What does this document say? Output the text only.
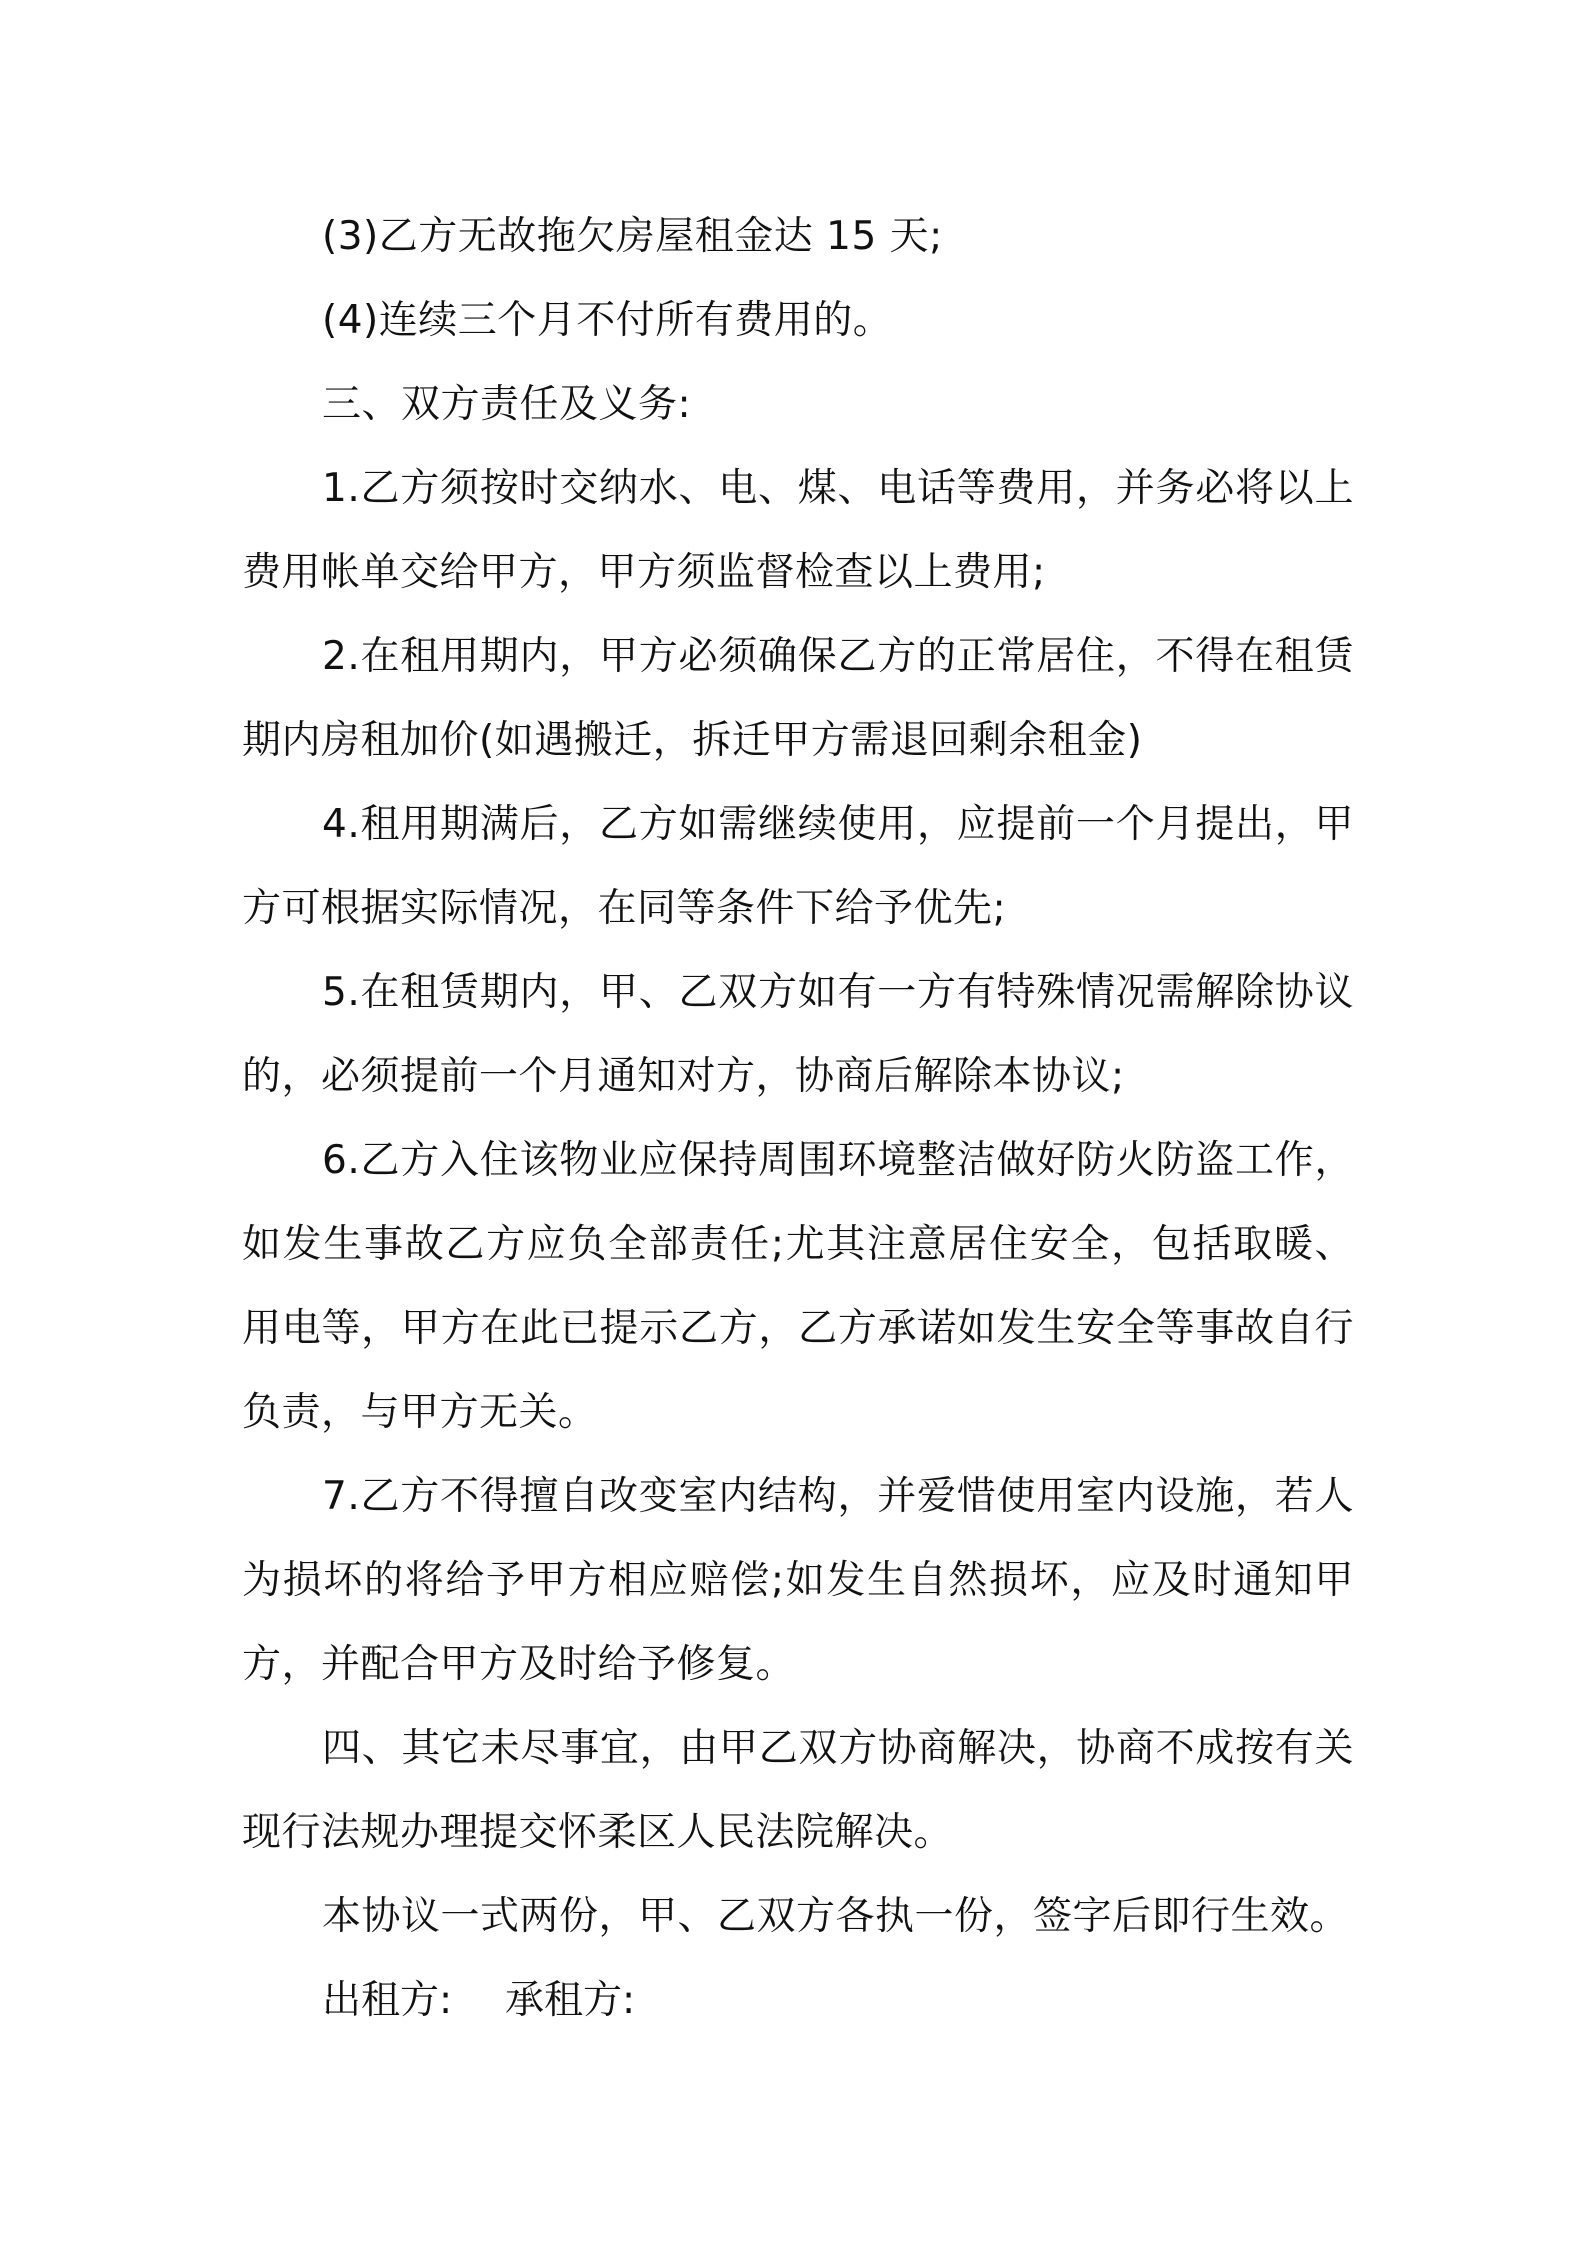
(3)乙方无故拖欠房屋租金达 15 天;

(4)连续三个月不付所有费用的。

三、双方责任及义务:

1.乙方须按时交纳水、电、煤、电话等费用，并务必将以上费用帐单交给甲方，甲方须监督检查以上费用;

2.在租用期内，甲方必须确保乙方的正常居住，不得在租赁期内房租加价(如遇搬迁，拆迁甲方需退回剩余租金)

4.租用期满后，乙方如需继续使用，应提前一个月提出，甲方可根据实际情况，在同等条件下给予优先;

5.在租赁期内，甲、乙双方如有一方有特殊情况需解除协议的，必须提前一个月通知对方，协商后解除本协议;

6.乙方入住该物业应保持周围环境整洁做好防火防盗工作，如发生事故乙方应负全部责任;尤其注意居住安全，包括取暖、用电等，甲方在此已提示乙方，乙方承诺如发生安全等事故自行负责，与甲方无关。

7.乙方不得擅自改变室内结构，并爱惜使用室内设施，若人为损坏的将给予甲方相应赔偿;如发生自然损坏，应及时通知甲方，并配合甲方及时给予修复。

四、其它未尽事宜，由甲乙双方协商解决，协商不成按有关现行法规办理提交怀柔区人民法院解决。

本协议一式两份，甲、乙双方各执一份，签字后即行生效。

出租方:	承租方:
